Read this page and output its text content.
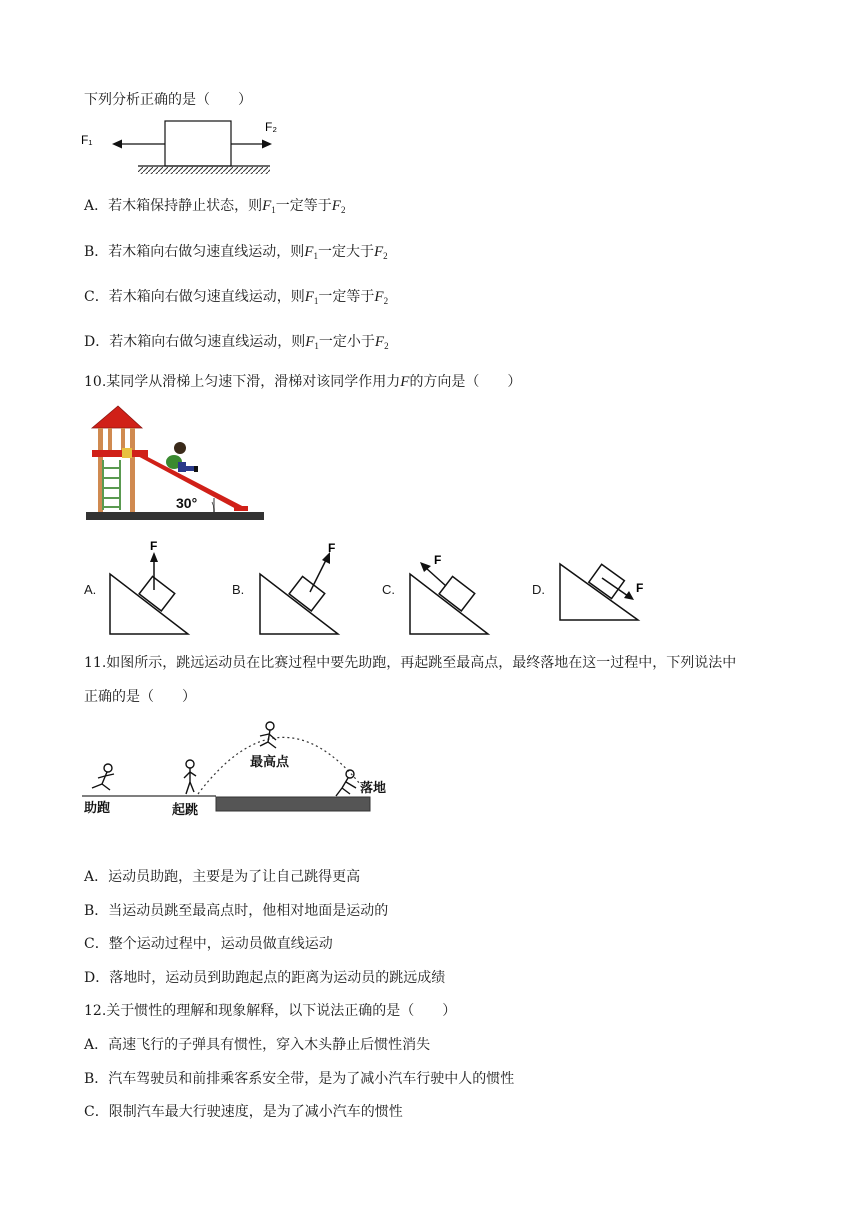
下列分析正确的是（　　）
F₁
F₂
A．若木箱保持静止状态，则$F_1$一定等于$F_2$
B．若木箱向右做匀速直线运动，则$F_1$一定大于$F_2$
C．若木箱向右做匀速直线运动，则$F_1$一定等于$F_2$
D．若木箱向右做匀速直线运动，则$F_1$一定小于$F_2$
10.某同学从滑梯上匀速下滑，滑梯对该同学作用力F的方向是（　　）
30°
A.
F
B.
F
C.
F
D.	F
11.如图所示，跳远运动员在比赛过程中要先助跑，再起跳至最高点，最终落地在这一过程中，下列说法中
正确的是（　　）
助跑	起跳
最高点
落地
A．运动员助跑，主要是为了让自己跳得更高
B．当运动员跳至最高点时，他相对地面是运动的
C．整个运动过程中，运动员做直线运动
D．落地时，运动员到助跑起点的距离为运动员的跳远成绩
12.关于惯性的理解和现象解释，以下说法正确的是（　　）
A．高速飞行的子弹具有惯性，穿入木头静止后惯性消失
B．汽车驾驶员和前排乘客系安全带，是为了减小汽车行驶中人的惯性
C．限制汽车最大行驶速度，是为了减小汽车的惯性
